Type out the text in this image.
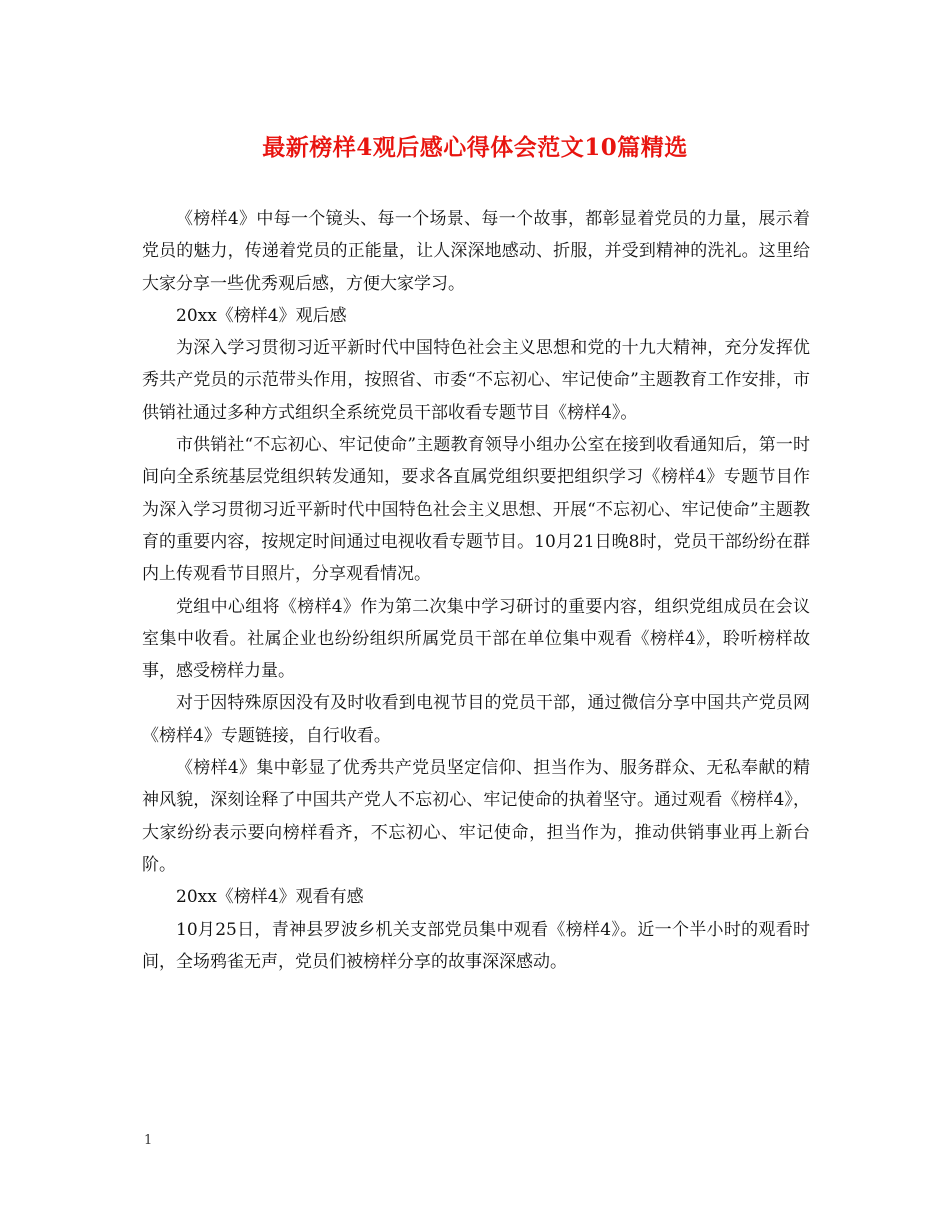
最新榜样4观后感心得体会范文10篇精选

《榜样4》中每一个镜头、每一个场景、每一个故事，都彰显着党员的力量，展示着党员的魅力，传递着党员的正能量，让人深深地感动、折服，并受到精神的洗礼。这里给大家分享一些优秀观后感，方便大家学习。

20xx《榜样4》观后感

为深入学习贯彻习近平新时代中国特色社会主义思想和党的十九大精神，充分发挥优秀共产党员的示范带头作用，按照省、市委“不忘初心、牢记使命”主题教育工作安排，市供销社通过多种方式组织全系统党员干部收看专题节目《榜样4》。

市供销社“不忘初心、牢记使命”主题教育领导小组办公室在接到收看通知后，第一时间向全系统基层党组织转发通知，要求各直属党组织要把组织学习《榜样4》专题节目作为深入学习贯彻习近平新时代中国特色社会主义思想、开展“不忘初心、牢记使命”主题教育的重要内容，按规定时间通过电视收看专题节目。10月21日晚8时，党员干部纷纷在群内上传观看节目照片，分享观看情况。

党组中心组将《榜样4》作为第二次集中学习研讨的重要内容，组织党组成员在会议室集中收看。社属企业也纷纷组织所属党员干部在单位集中观看《榜样4》，聆听榜样故事，感受榜样力量。

对于因特殊原因没有及时收看到电视节目的党员干部，通过微信分享中国共产党员网《榜样4》专题链接，自行收看。

《榜样4》集中彰显了优秀共产党员坚定信仰、担当作为、服务群众、无私奉献的精神风貌，深刻诠释了中国共产党人不忘初心、牢记使命的执着坚守。通过观看《榜样4》，大家纷纷表示要向榜样看齐，不忘初心、牢记使命，担当作为，推动供销事业再上新台阶。

20xx《榜样4》观看有感

10月25日，青神县罗波乡机关支部党员集中观看《榜样4》。近一个半小时的观看时间，全场鸦雀无声，党员们被榜样分享的故事深深感动。

1
